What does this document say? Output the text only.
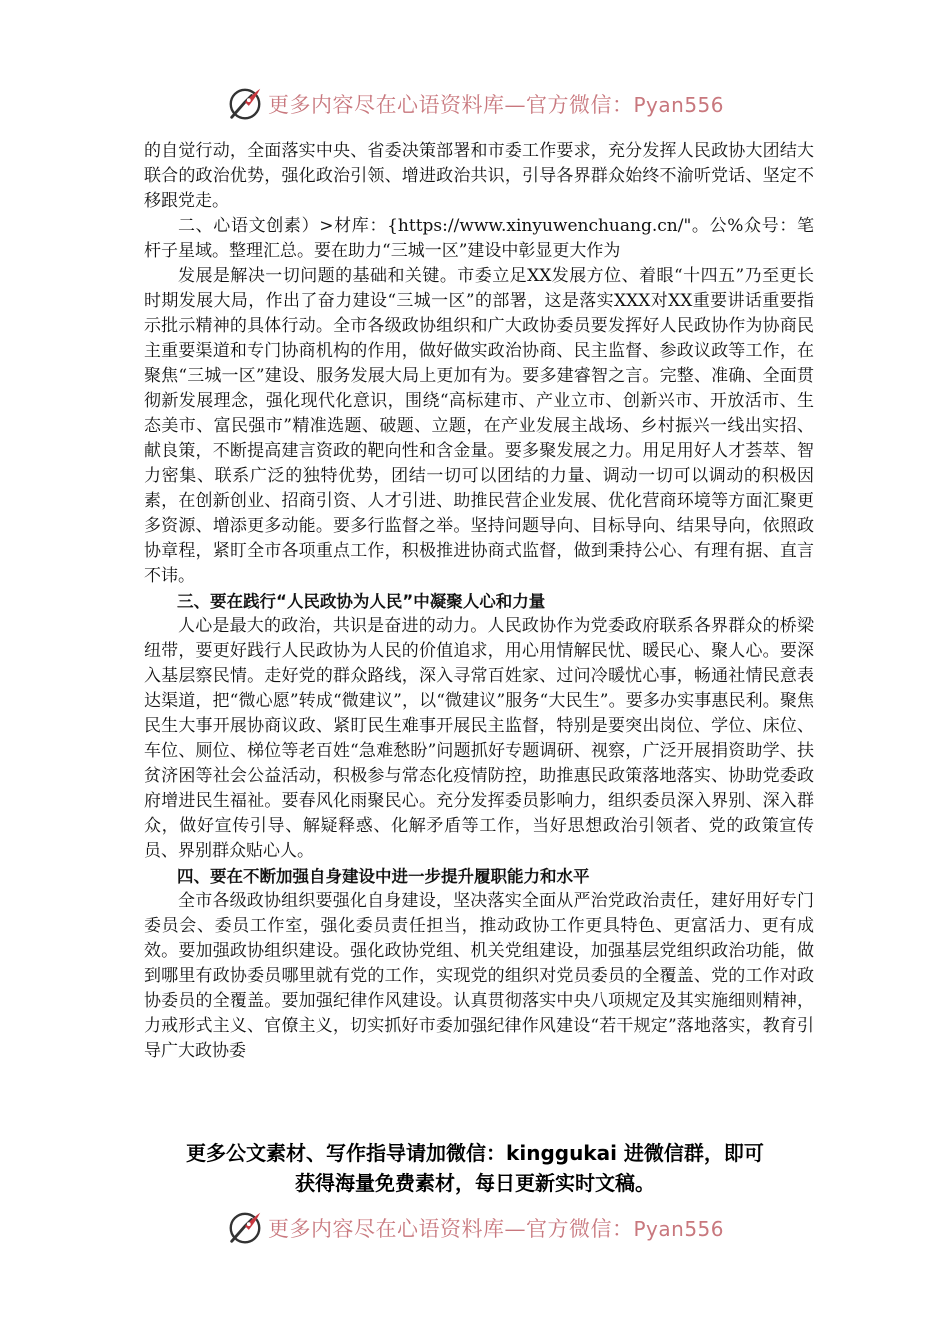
更多内容尽在心语资料库—官方微信：Pyan556

的自觉行动，全面落实中央、省委决策部署和市委工作要求，充分发挥人民政协大团结大联合的政治优势，强化政治引领、增进政治共识，引导各界群众始终不渝听党话、坚定不移跟党走。

二、心语文创素）>材库：{https://www.xinyuwenchuang.cn/"。公%众号：笔杆子星域。整理汇总。要在助力“三城一区”建设中彰显更大作为

发展是解决一切问题的基础和关键。市委立足XX发展方位、着眼“十四五”乃至更长时期发展大局，作出了奋力建设“三城一区”的部署，这是落实XXX对XX重要讲话重要指示批示精神的具体行动。全市各级政协组织和广大政协委员要发挥好人民政协作为协商民主重要渠道和专门协商机构的作用，做好做实政治协商、民主监督、参政议政等工作，在聚焦“三城一区”建设、服务发展大局上更加有为。要多建睿智之言。完整、准确、全面贯彻新发展理念，强化现代化意识，围绕“高标建市、产业立市、创新兴市、开放活市、生态美市、富民强市”精准选题、破题、立题，在产业发展主战场、乡村振兴一线出实招、献良策，不断提高建言资政的靶向性和含金量。要多聚发展之力。用足用好人才荟萃、智力密集、联系广泛的独特优势，团结一切可以团结的力量、调动一切可以调动的积极因素，在创新创业、招商引资、人才引进、助推民营企业发展、优化营商环境等方面汇聚更多资源、增添更多动能。要多行监督之举。坚持问题导向、目标导向、结果导向，依照政协章程，紧盯全市各项重点工作，积极推进协商式监督，做到秉持公心、有理有据、直言不讳。

三、要在践行“人民政协为人民”中凝聚人心和力量

人心是最大的政治，共识是奋进的动力。人民政协作为党委政府联系各界群众的桥梁纽带，要更好践行人民政协为人民的价值追求，用心用情解民忧、暖民心、聚人心。要深入基层察民情。走好党的群众路线，深入寻常百姓家、过问冷暖忧心事，畅通社情民意表达渠道，把“微心愿”转成“微建议”，以“微建议”服务“大民生”。要多办实事惠民利。聚焦民生大事开展协商议政、紧盯民生难事开展民主监督，特别是要突出岗位、学位、床位、车位、厕位、梯位等老百姓“急难愁盼”问题抓好专题调研、视察，广泛开展捐资助学、扶贫济困等社会公益活动，积极参与常态化疫情防控，助推惠民政策落地落实、协助党委政府增进民生福祉。要春风化雨聚民心。充分发挥委员影响力，组织委员深入界别、深入群众，做好宣传引导、解疑释惑、化解矛盾等工作，当好思想政治引领者、党的政策宣传员、界别群众贴心人。

四、要在不断加强自身建设中进一步提升履职能力和水平

全市各级政协组织要强化自身建设，坚决落实全面从严治党政治责任，建好用好专门委员会、委员工作室，强化委员责任担当，推动政协工作更具特色、更富活力、更有成效。要加强政协组织建设。强化政协党组、机关党组建设，加强基层党组织政治功能，做到哪里有政协委员哪里就有党的工作，实现党的组织对党员委员的全覆盖、党的工作对政协委员的全覆盖。要加强纪律作风建设。认真贯彻落实中央八项规定及其实施细则精神，力戒形式主义、官僚主义，切实抓好市委加强纪律作风建设“若干规定”落地落实，教育引导广大政协委

更多公文素材、写作指导请加微信：kinggukai 进微信群，即可
获得海量免费素材，每日更新实时文稿。
更多内容尽在心语资料库—官方微信：Pyan556
